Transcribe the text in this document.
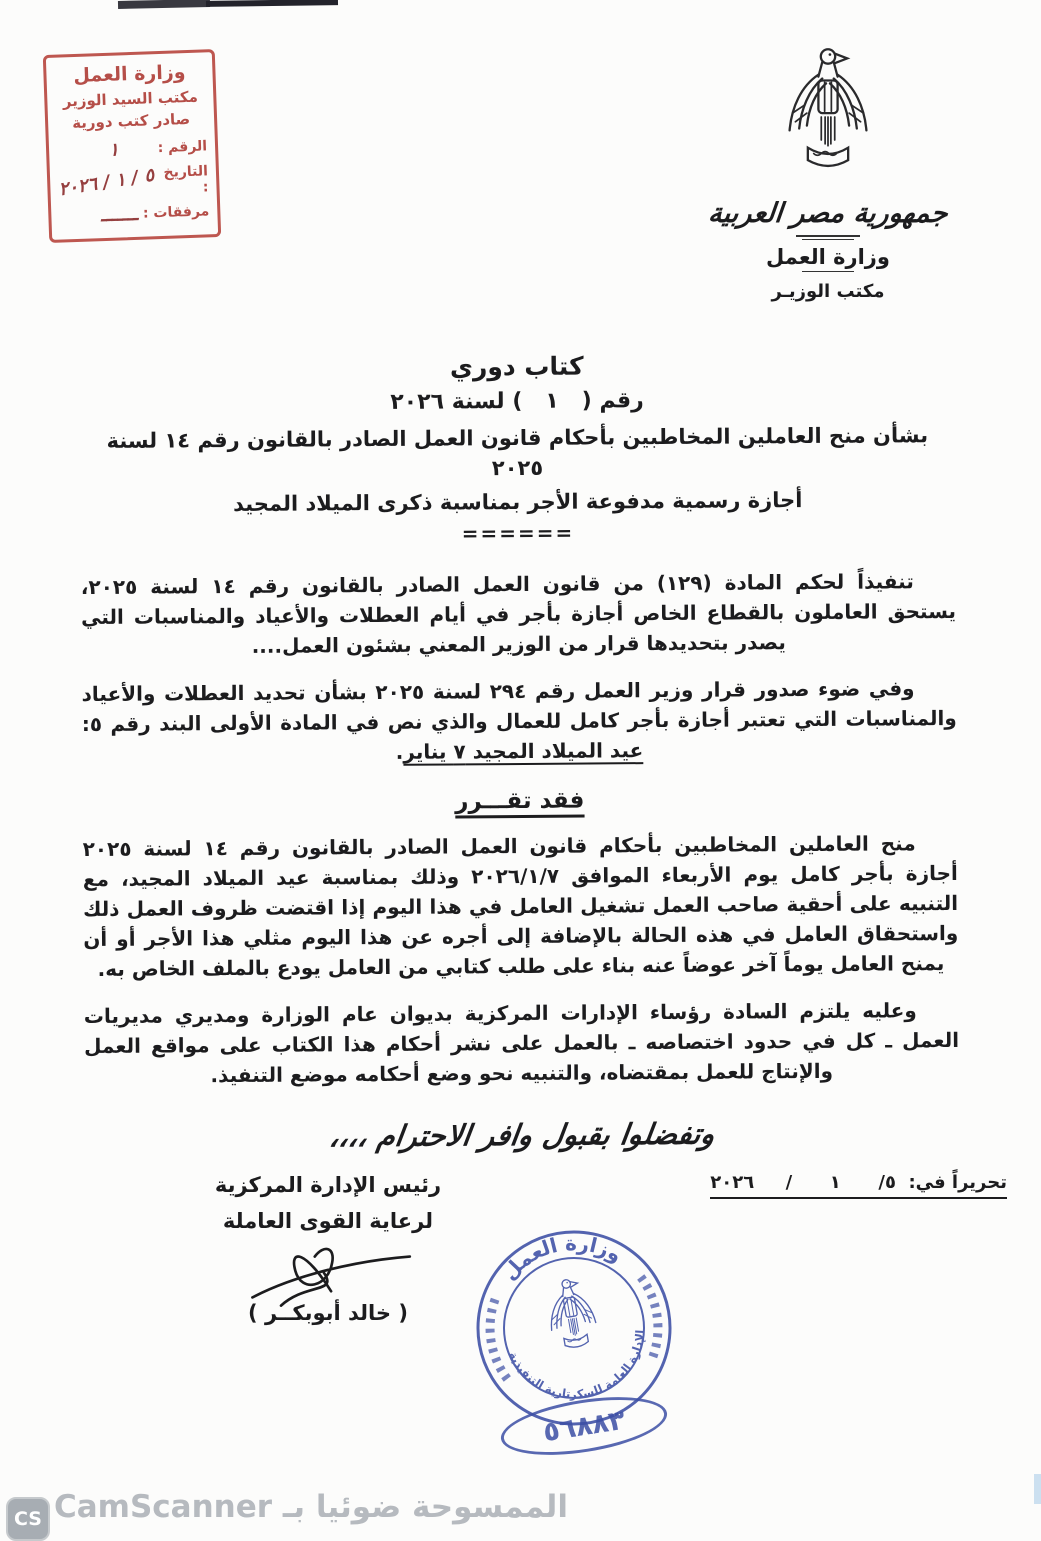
وزارة العمل
مكتب السيد الوزير
صادر كتب دورية
الرقم :
١
التاريخ :
٥ / ١ / ٢٠٢٦
مرفقات :
ـــــــ	جمهورية مصر العربية
وزارة العمل
مكتب الوزيـر
كتاب دوري
رقم (   ١   ) لسنة ٢٠٢٦
بشأن منح العاملين المخاطبين بأحكام قانون العمل الصادر بالقانون رقم ١٤ لسنة ٢٠٢٥
أجازة رسمية مدفوعة الأجر بمناسبة ذكرى الميلاد المجيد
======

تنفيذاً لحكم المادة (١٢٩) من قانون العمل الصادر بالقانون رقم ١٤ لسنة ٢٠٢٥، يستحق العاملون بالقطاع الخاص أجازة بأجر في أيام العطلات والأعياد والمناسبات التي يصدر بتحديدها قرار من الوزير المعني بشئون العمل....

وفي ضوء صدور قرار وزير العمل رقم ٢٩٤ لسنة ٢٠٢٥ بشأن تحديد العطلات والأعياد والمناسبات التي تعتبر أجازة بأجر كامل للعمال والذي نص في المادة الأولى البند رقم ٥: عيد الميلاد المجيد ٧ يناير.

فقد تقـــرر

منح العاملين المخاطبين بأحكام قانون العمل الصادر بالقانون رقم ١٤ لسنة ٢٠٢٥ أجازة بأجر كامل يوم الأربعاء الموافق ٢٠٢٦/١/٧ وذلك بمناسبة عيد الميلاد المجيد، مع التنبيه على أحقية صاحب العمل تشغيل العامل في هذا اليوم إذا اقتضت ظروف العمل ذلك واستحقاق العامل في هذه الحالة بالإضافة إلى أجره عن هذا اليوم مثلي هذا الأجر أو أن يمنح العامل يوماً آخر عوضاً عنه بناء على طلب كتابي من العامل يودع بالملف الخاص به.

وعليه يلتزم السادة رؤساء الإدارات المركزية بديوان عام الوزارة ومديري مديريات العمل ـ كل في حدود اختصاصه ـ بالعمل على نشر أحكام هذا الكتاب على مواقع العمل والإنتاج للعمل بمقتضاه، والتنبيه نحو وضع أحكامه موضع التنفيذ.

وتفضلوا بقبول وافر الاحترام ،،،،
تحريراً في:  ٥/      ١      /     ٢٠٢٦
رئيس الإدارة المركزية
لرعاية القوى العاملة
( خالد أبوبكــر )
وزارة العمل
الإدارة العامة للسكرتارية التنفيذية
٥٦٨٨٣
الممسوحة ضوئيا بـ CamScanner
CS
